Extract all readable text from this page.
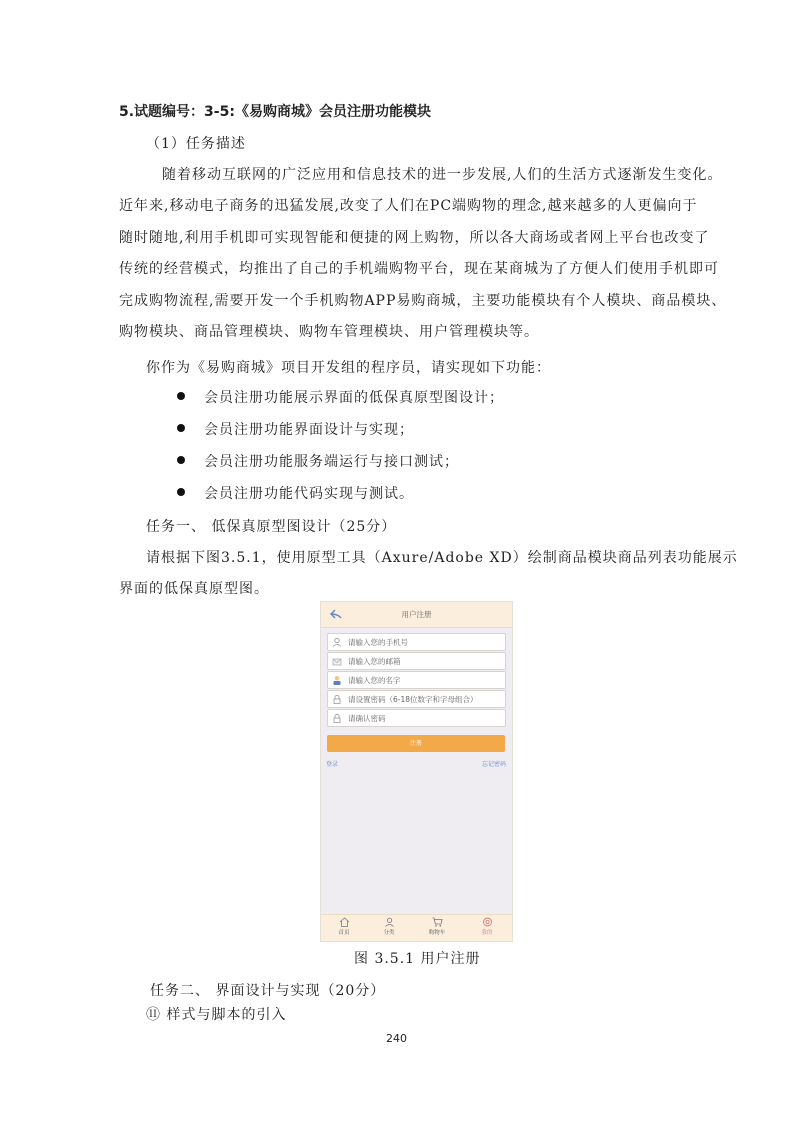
5.试题编号：3-5:《易购商城》会员注册功能模块
（1）任务描述
随着移动互联网的广泛应用和信息技术的进一步发展,人们的生活方式逐渐发生变化。
近年来,移动电子商务的迅猛发展,改变了人们在PC端购物的理念,越来越多的人更偏向于
随时随地,利用手机即可实现智能和便捷的网上购物，所以各大商场或者网上平台也改变了
传统的经营模式，均推出了自己的手机端购物平台，现在某商城为了方便人们使用手机即可
完成购物流程,需要开发一个手机购物APP易购商城，主要功能模块有个人模块、商品模块、
购物模块、商品管理模块、购物车管理模块、用户管理模块等。
你作为《易购商城》项目开发组的程序员，请实现如下功能：
会员注册功能展示界面的低保真原型图设计；
会员注册功能界面设计与实现；
会员注册功能服务端运行与接口测试；
会员注册功能代码实现与测试。
任务一、 低保真原型图设计（25分）
请根据下图3.5.1，使用原型工具（Axure/Adobe XD）绘制商品模块商品列表功能展示
界面的低保真原型图。
用户注册
请输入您的手机号
请输入您的邮箱
请输入您的名字
请设置密码（6-18位数字和字母组合）
请确认密码
注册
登录	忘记密码
首页	分类	购物车	我的
图 3.5.1 用户注册
任务二、 界面设计与实现（20分）
⑪ 样式与脚本的引入
240
